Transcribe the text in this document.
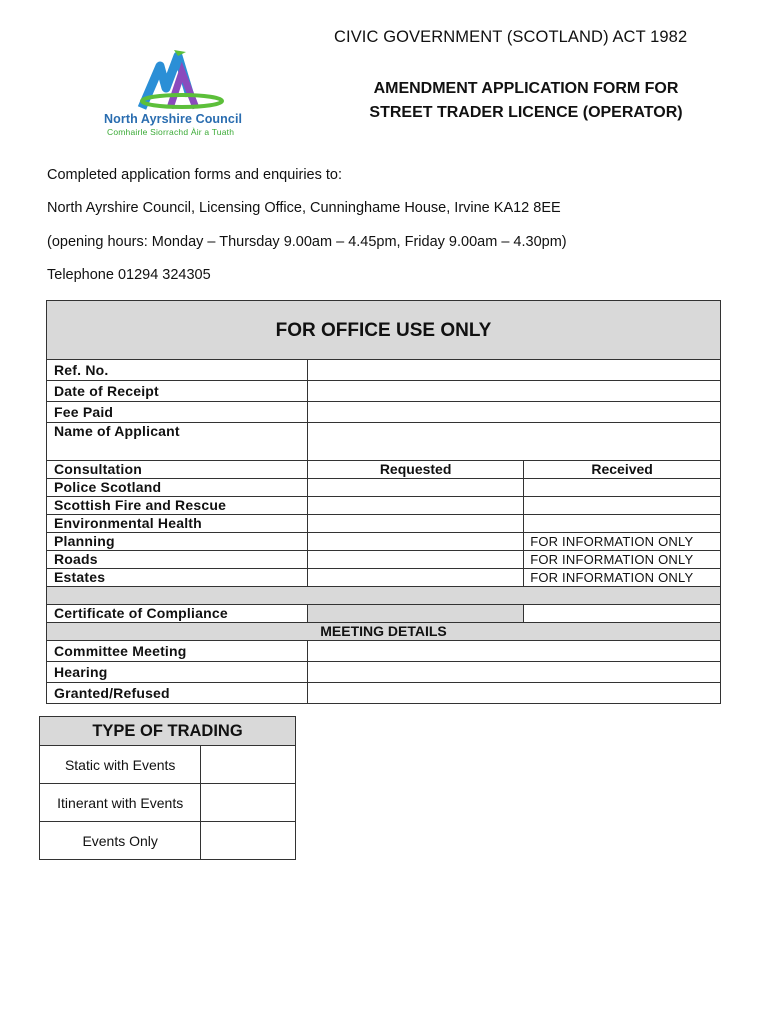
CIVIC GOVERNMENT (SCOTLAND) ACT 1982
AMENDMENT APPLICATION FORM FOR
STREET TRADER LICENCE (OPERATOR)
North Ayrshire Council
Comhairle Siorrachd Àir a Tuath
Completed application forms and enquiries to:
North Ayrshire Council, Licensing Office, Cunninghame House, Irvine KA12 8EE
(opening hours: Monday – Thursday 9.00am – 4.45pm, Friday 9.00am – 4.30pm)
Telephone 01294 324305
FOR OFFICE USE ONLY		
Ref. No.		
Date of Receipt		
Fee Paid		
Name of Applicant		
Consultation	Requested	Received
Police Scotland		
Scottish Fire and Rescue		
Environmental Health		
Planning		FOR INFORMATION ONLY
Roads		FOR INFORMATION ONLY
Estates		FOR INFORMATION ONLY

Certificate of Compliance		
MEETING DETAILS		
Committee Meeting		
Hearing		
Granted/Refused		
TYPE OF TRADING	
Static with Events	
Itinerant with Events	
Events Only	
